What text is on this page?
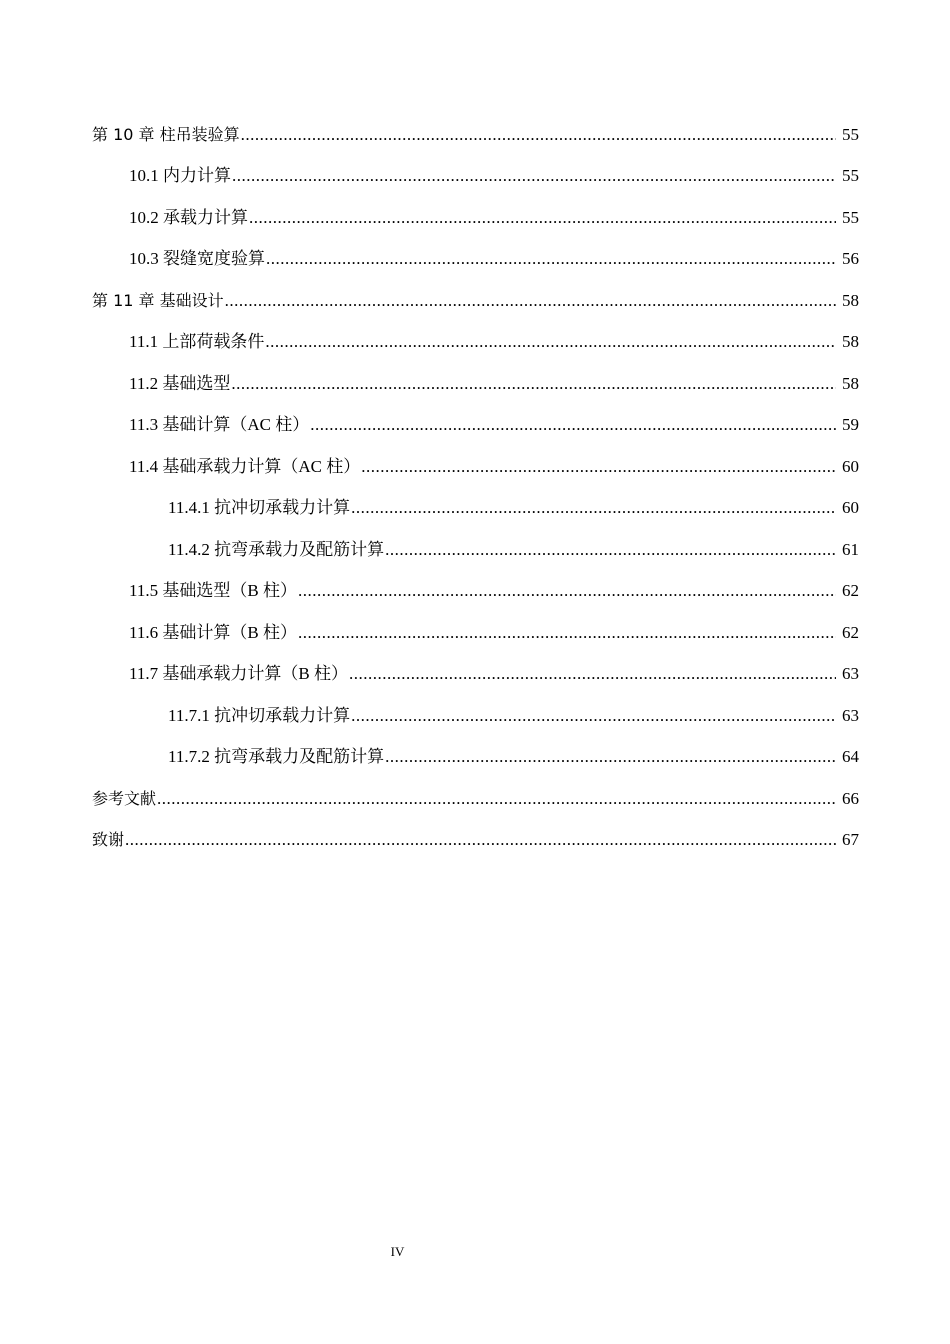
第 10 章 柱吊装验算 .....	55
10.1 内力计算 .....	55
10.2 承载力计算 .....	55
10.3 裂缝宽度验算 .....	56
第 11 章 基础设计 .....	58
11.1 上部荷载条件 .....	58
11.2 基础选型 .....	58
11.3 基础计算（AC 柱） .....	59
11.4 基础承载力计算（AC 柱） .....	60
11.4.1 抗冲切承载力计算 .....	60
11.4.2 抗弯承载力及配筋计算 .....	61
11.5 基础选型（B 柱） .....	62
11.6 基础计算（B 柱） .....	62
11.7 基础承载力计算（B 柱） .....	63
11.7.1 抗冲切承载力计算 .....	63
11.7.2 抗弯承载力及配筋计算 .....	64
参考文献 .....	66
致谢 .....	67
IV
